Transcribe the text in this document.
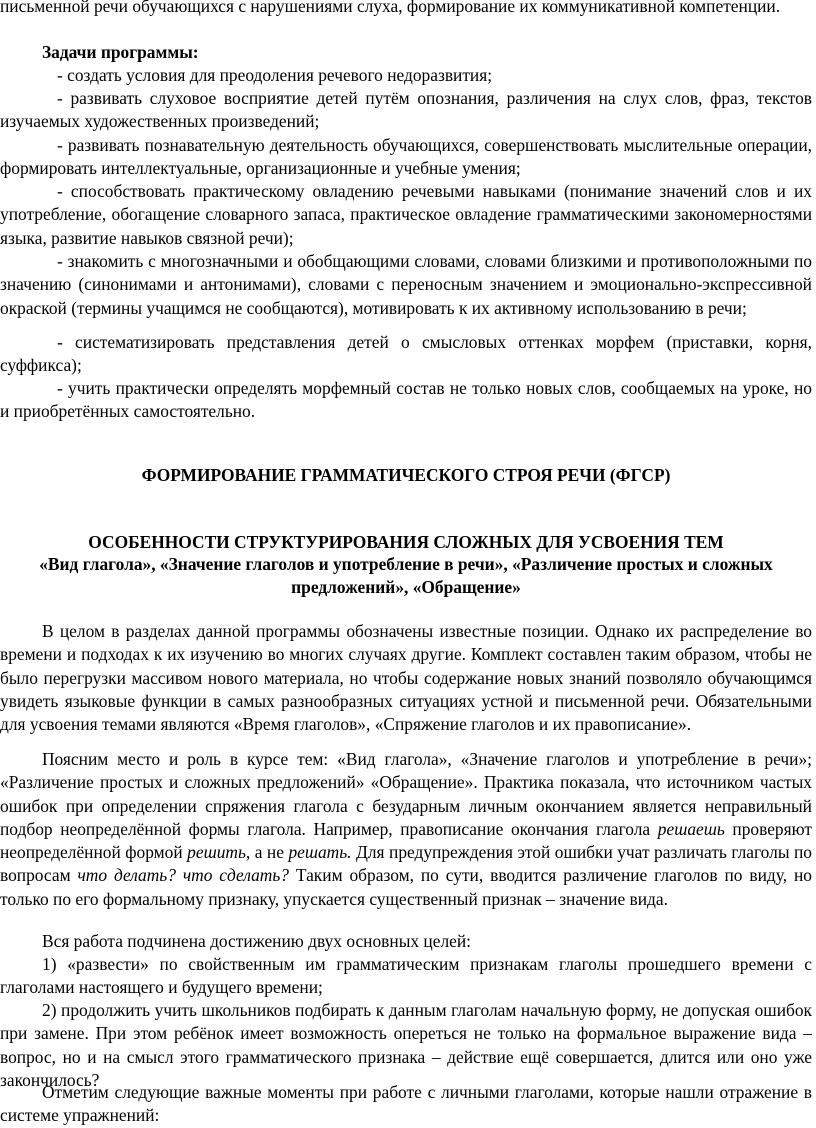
письменной речи обучающихся с нарушениями слуха, формирование их коммуникативной компетенции.

Задачи программы:

- создать условия для преодоления речевого недоразвития;

- развивать слуховое восприятие детей путём опознания, различения на слух слов, фраз, текстов изучаемых художественных произведений;

- развивать познавательную деятельность обучающихся, совершенствовать мыслительные операции, формировать интеллектуальные, организационные и учебные умения;

- способствовать практическому овладению речевыми навыками (понимание значений слов и их употребление, обогащение словарного запаса, практическое овладение грамматическими закономерностями языка, развитие навыков связной речи);

- знакомить с многозначными и обобщающими словами, словами близкими и противоположными по значению (синонимами и антонимами), словами с переносным значением и эмоционально-экспрессивной окраской (термины учащимся не сообщаются), мотивировать к их активному использованию в речи;

- систематизировать представления детей о смысловых оттенках морфем (приставки, корня, суффикса);

- учить практически определять морфемный состав не только новых слов, сообщаемых на уроке, но и приобретённых самостоятельно.

ФОРМИРОВАНИЕ ГРАММАТИЧЕСКОГО СТРОЯ РЕЧИ (ФГСР)

ОСОБЕННОСТИ СТРУКТУРИРОВАНИЯ СЛОЖНЫХ ДЛЯ УСВОЕНИЯ ТЕМ

«Вид глагола», «Значение глаголов и употребление в речи», «Различение простых и сложных предложений», «Обращение»

В целом в разделах данной программы обозначены известные позиции. Однако их распределение во времени и подходах к их изучению во многих случаях другие. Комплект составлен таким образом, чтобы не было перегрузки массивом нового материала, но чтобы содержание новых знаний позволяло обучающимся увидеть языковые функции в самых разнообразных ситуациях устной и письменной речи. Обязательными для усвоения темами являются «Время глаголов», «Спряжение глаголов и их правописание».

Поясним место и роль в курсе тем: «Вид глагола», «Значение глаголов и употребление в речи»; «Различение простых и сложных предложений» «Обращение». Практика показала, что источником частых ошибок при определении спряжения глагола с безударным личным окончанием является неправильный подбор неопределённой формы глагола. Например, правописание окончания глагола решаешь проверяют неопределённой формой решить, а не решать. Для предупреждения этой ошибки учат различать глаголы по вопросам что делать? что сделать? Таким образом, по сути, вводится различение глаголов по виду, но только по его формальному признаку, упускается существенный признак – значение вида.

Вся работа подчинена достижению двух основных целей:

1) «развести» по свойственным им грамматическим признакам глаголы прошедшего времени с глаголами настоящего и будущего времени;

2) продолжить учить школьников подбирать к данным глаголам начальную форму, не допуская ошибок при замене. При этом ребёнок имеет возможность опереться не только на формальное выражение вида – вопрос, но и на смысл этого грамматического признака – действие ещё совершается, длится или оно уже закончилось?

Отметим следующие важные моменты при работе с личными глаголами, которые нашли отражение в системе упражнений:
